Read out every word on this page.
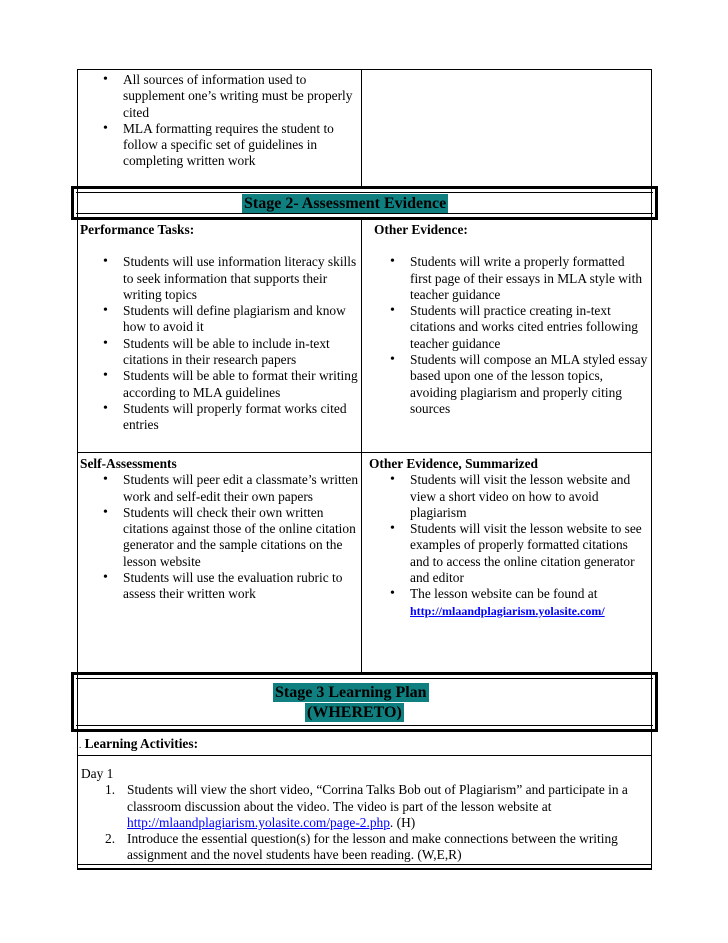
• All sources of information used to supplement one’s writing must be properly cited
• MLA formatting requires the student to follow a specific set of guidelines in completing written work
Stage 2- Assessment Evidence
Performance Tasks:
• Students will use information literacy skills to seek information that supports their writing topics
• Students will define plagiarism and know how to avoid it
• Students will be able to include in-text citations in their research papers
• Students will be able to format their writing according to MLA guidelines
• Students will properly format works cited entries
Other Evidence:
• Students will write a properly formatted first page of their essays in MLA style with teacher guidance
• Students will practice creating in-text citations and works cited entries following teacher guidance
• Students will compose an MLA styled essay based upon one of the lesson topics, avoiding plagiarism and properly citing sources
Self-Assessments
• Students will peer edit a classmate’s written work and self-edit their own papers
• Students will check their own written citations against those of the online citation generator and the sample citations on the lesson website
• Students will use the evaluation rubric to assess their written work
Other Evidence, Summarized
• Students will visit the lesson website and view a short video on how to avoid plagiarism
• Students will visit the lesson website to see examples of properly formatted citations and to access the online citation generator and editor
• The lesson website can be found at
http://mlaandplagiarism.yolasite.com/
Stage 3 Learning Plan
(WHERETO)
. Learning Activities:
Day 1
1. Students will view the short video, “Corrina Talks Bob out of Plagiarism” and participate in a classroom discussion about the video. The video is part of the lesson website at http://mlaandplagiarism.yolasite.com/page-2.php. (H)
2. Introduce the essential question(s) for the lesson and make connections between the writing assignment and the novel students have been reading. (W,E,R)
